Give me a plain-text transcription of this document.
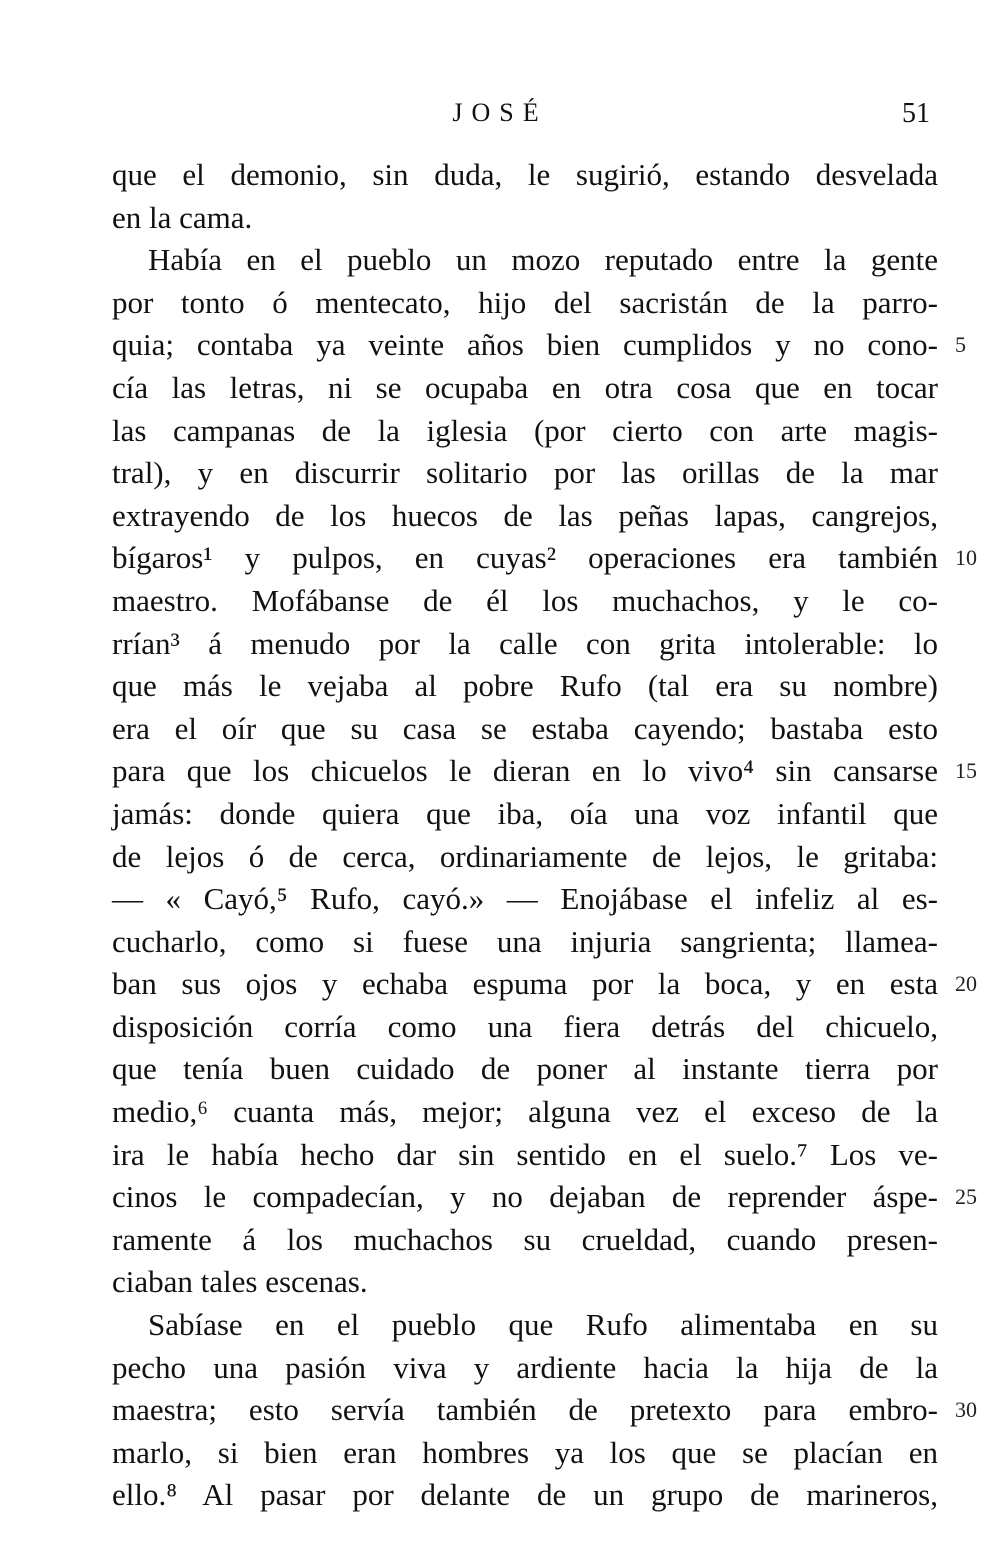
JOSÉ	51
que el demonio, sin duda, le sugirió, estando desvelada
en la cama.
Había en el pueblo un mozo reputado entre la gente
por tonto ó mentecato, hijo del sacristán de la parro-
quia; contaba ya veinte años bien cumplidos y no cono-
cía las letras, ni se ocupaba en otra cosa que en tocar
las campanas de la iglesia (por cierto con arte magis-
tral), y en discurrir solitario por las orillas de la mar
extrayendo de los huecos de las peñas lapas, cangrejos,
bígaros¹ y pulpos, en cuyas² operaciones era también
maestro. Mofábanse de él los muchachos, y le co-
rrían³ á menudo por la calle con grita intolerable: lo
que más le vejaba al pobre Rufo (tal era su nombre)
era el oír que su casa se estaba cayendo; bastaba esto
para que los chicuelos le dieran en lo vivo⁴ sin cansarse
jamás: donde quiera que iba, oía una voz infantil que
de lejos ó de cerca, ordinariamente de lejos, le gritaba:
— « Cayó,⁵ Rufo, cayó.» — Enojábase el infeliz al es-
cucharlo, como si fuese una injuria sangrienta; llamea-
ban sus ojos y echaba espuma por la boca, y en esta
disposición corría como una fiera detrás del chicuelo,
que tenía buen cuidado de poner al instante tierra por
medio,⁶ cuanta más, mejor; alguna vez el exceso de la
ira le había hecho dar sin sentido en el suelo.⁷ Los ve-
cinos le compadecían, y no dejaban de reprender áspe-
ramente á los muchachos su crueldad, cuando presen-
ciaban tales escenas.
Sabíase en el pueblo que Rufo alimentaba en su
pecho una pasión viva y ardiente hacia la hija de la
maestra; esto servía también de pretexto para embro-
marlo, si bien eran hombres ya los que se placían en
ello.⁸ Al pasar por delante de un grupo de marineros,
5
10
15
20
25
30
